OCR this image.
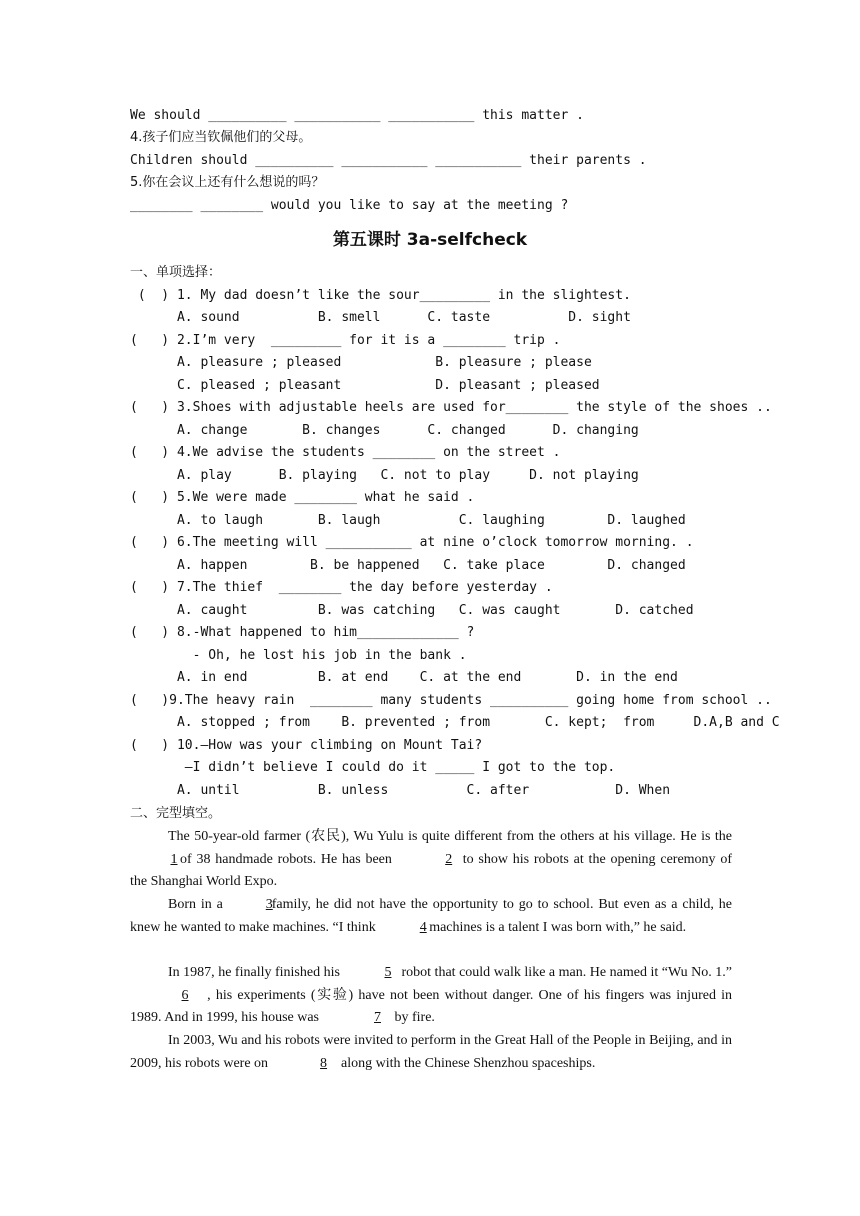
We should __________ ___________ ___________ this matter .
4.孩子们应当钦佩他们的父母。
Children should __________ ___________ ___________ their parents .
5.你在会议上还有什么想说的吗？
________ ________ would you like to say at the meeting ?
第五课时 3a-selfcheck
一、单项选择：
(  ) 1. My dad doesn’t like the sour_________ in the slightest.
A. sound          B. smell      C. taste          D. sight
(   ) 2.I’m very  _________ for it is a ________ trip .
A. pleasure ; pleased            B. pleasure ; please
C. pleased ; pleasant            D. pleasant ; pleased
(   ) 3.Shoes with adjustable heels are used for________ the style of the shoes ..
A. change       B. changes      C. changed      D. changing
(   ) 4.We advise the students ________ on the street .
A. play      B. playing   C. not to play     D. not playing
(   ) 5.We were made ________ what he said .
A. to laugh       B. laugh          C. laughing        D. laughed
(   ) 6.The meeting will ___________ at nine o’clock tomorrow morning. .
A. happen        B. be happened   C. take place        D. changed
(   ) 7.The thief  ________ the day before yesterday .
A. caught         B. was catching   C. was caught       D. catched
(   ) 8.-What happened to him_____________ ?
- Oh, he lost his job in the bank .
A. in end         B. at end    C. at the end       D. in the end
(   )9.The heavy rain  ________ many students __________ going home from school ..
A. stopped ; from    B. prevented ; from       C. kept;  from     D.A,B and C
(   ) 10.—How was your climbing on Mount Tai?
—I didn’t believe I could do it _____ I got to the top.
A. until          B. unless          C. after           D. When
二、完型填空。
The 50-year-old farmer (农民), Wu Yulu is quite different from the others at his village. He is the 1 of 38 handmade robots. He has been	2 to show his robots at the opening ceremony of the Shanghai World Expo.
Born in a	3family, he did not have the opportunity to go to school. But even as a child, he knew he wanted to make machines. “I think	4 machines is a talent I was born with,” he said.
In 1987, he finally finished his	5 robot that could walk like a man. He named it “Wu No. 1.”6 , his experiments (实验) have not been without danger. One of his fingers was injured in 1989. And in 1999, his house was	7 by fire.
In 2003, Wu and his robots were invited to perform in the Great Hall of the People in Beijing, and in 2009, his robots were on	8 along with the Chinese Shenzhou spaceships.
